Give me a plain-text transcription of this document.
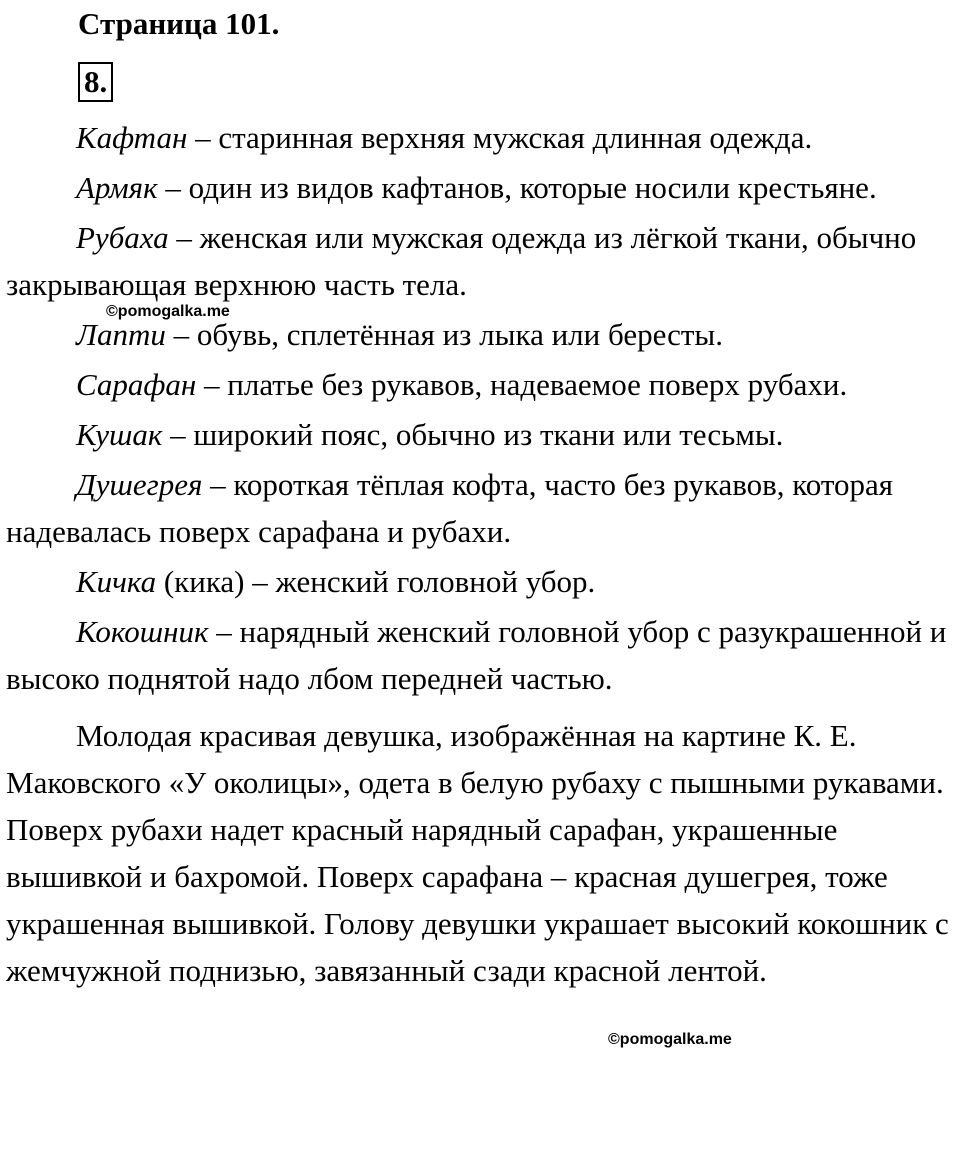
Страница 101.
8.

Кафтан – старинная верхняя мужская длинная одежда.

Армяк – один из видов кафтанов, которые носили крестьяне.

Рубаха – женская или мужская одежда из лёгкой ткани, обычно закрывающая верхнюю часть тела.

Лапти – обувь, сплетённая из лыка или бересты.

Сарафан – платье без рукавов, надеваемое поверх рубахи.

Кушак – широкий пояс, обычно из ткани или тесьмы.

Душегрея – короткая тёплая кофта, часто без рукавов, которая надевалась поверх сарафана и рубахи.

Кичка (кика) – женский головной убор.

Кокошник – нарядный женский головной убор с разукрашенной и высоко поднятой надо лбом передней частью.

Молодая красивая девушка, изображённая на картине К. Е. Маковского «У околицы», одета в белую рубаху с пышными рукавами. Поверх рубахи надет красный нарядный сарафан, украшенные вышивкой и бахромой. Поверх сарафана – красная душегрея, тоже украшенная вышивкой. Голову девушки украшает высокий кокошник с жемчужной поднизью, завязанный сзади красной лентой.

©pomogalka.me
©pomogalka.me
